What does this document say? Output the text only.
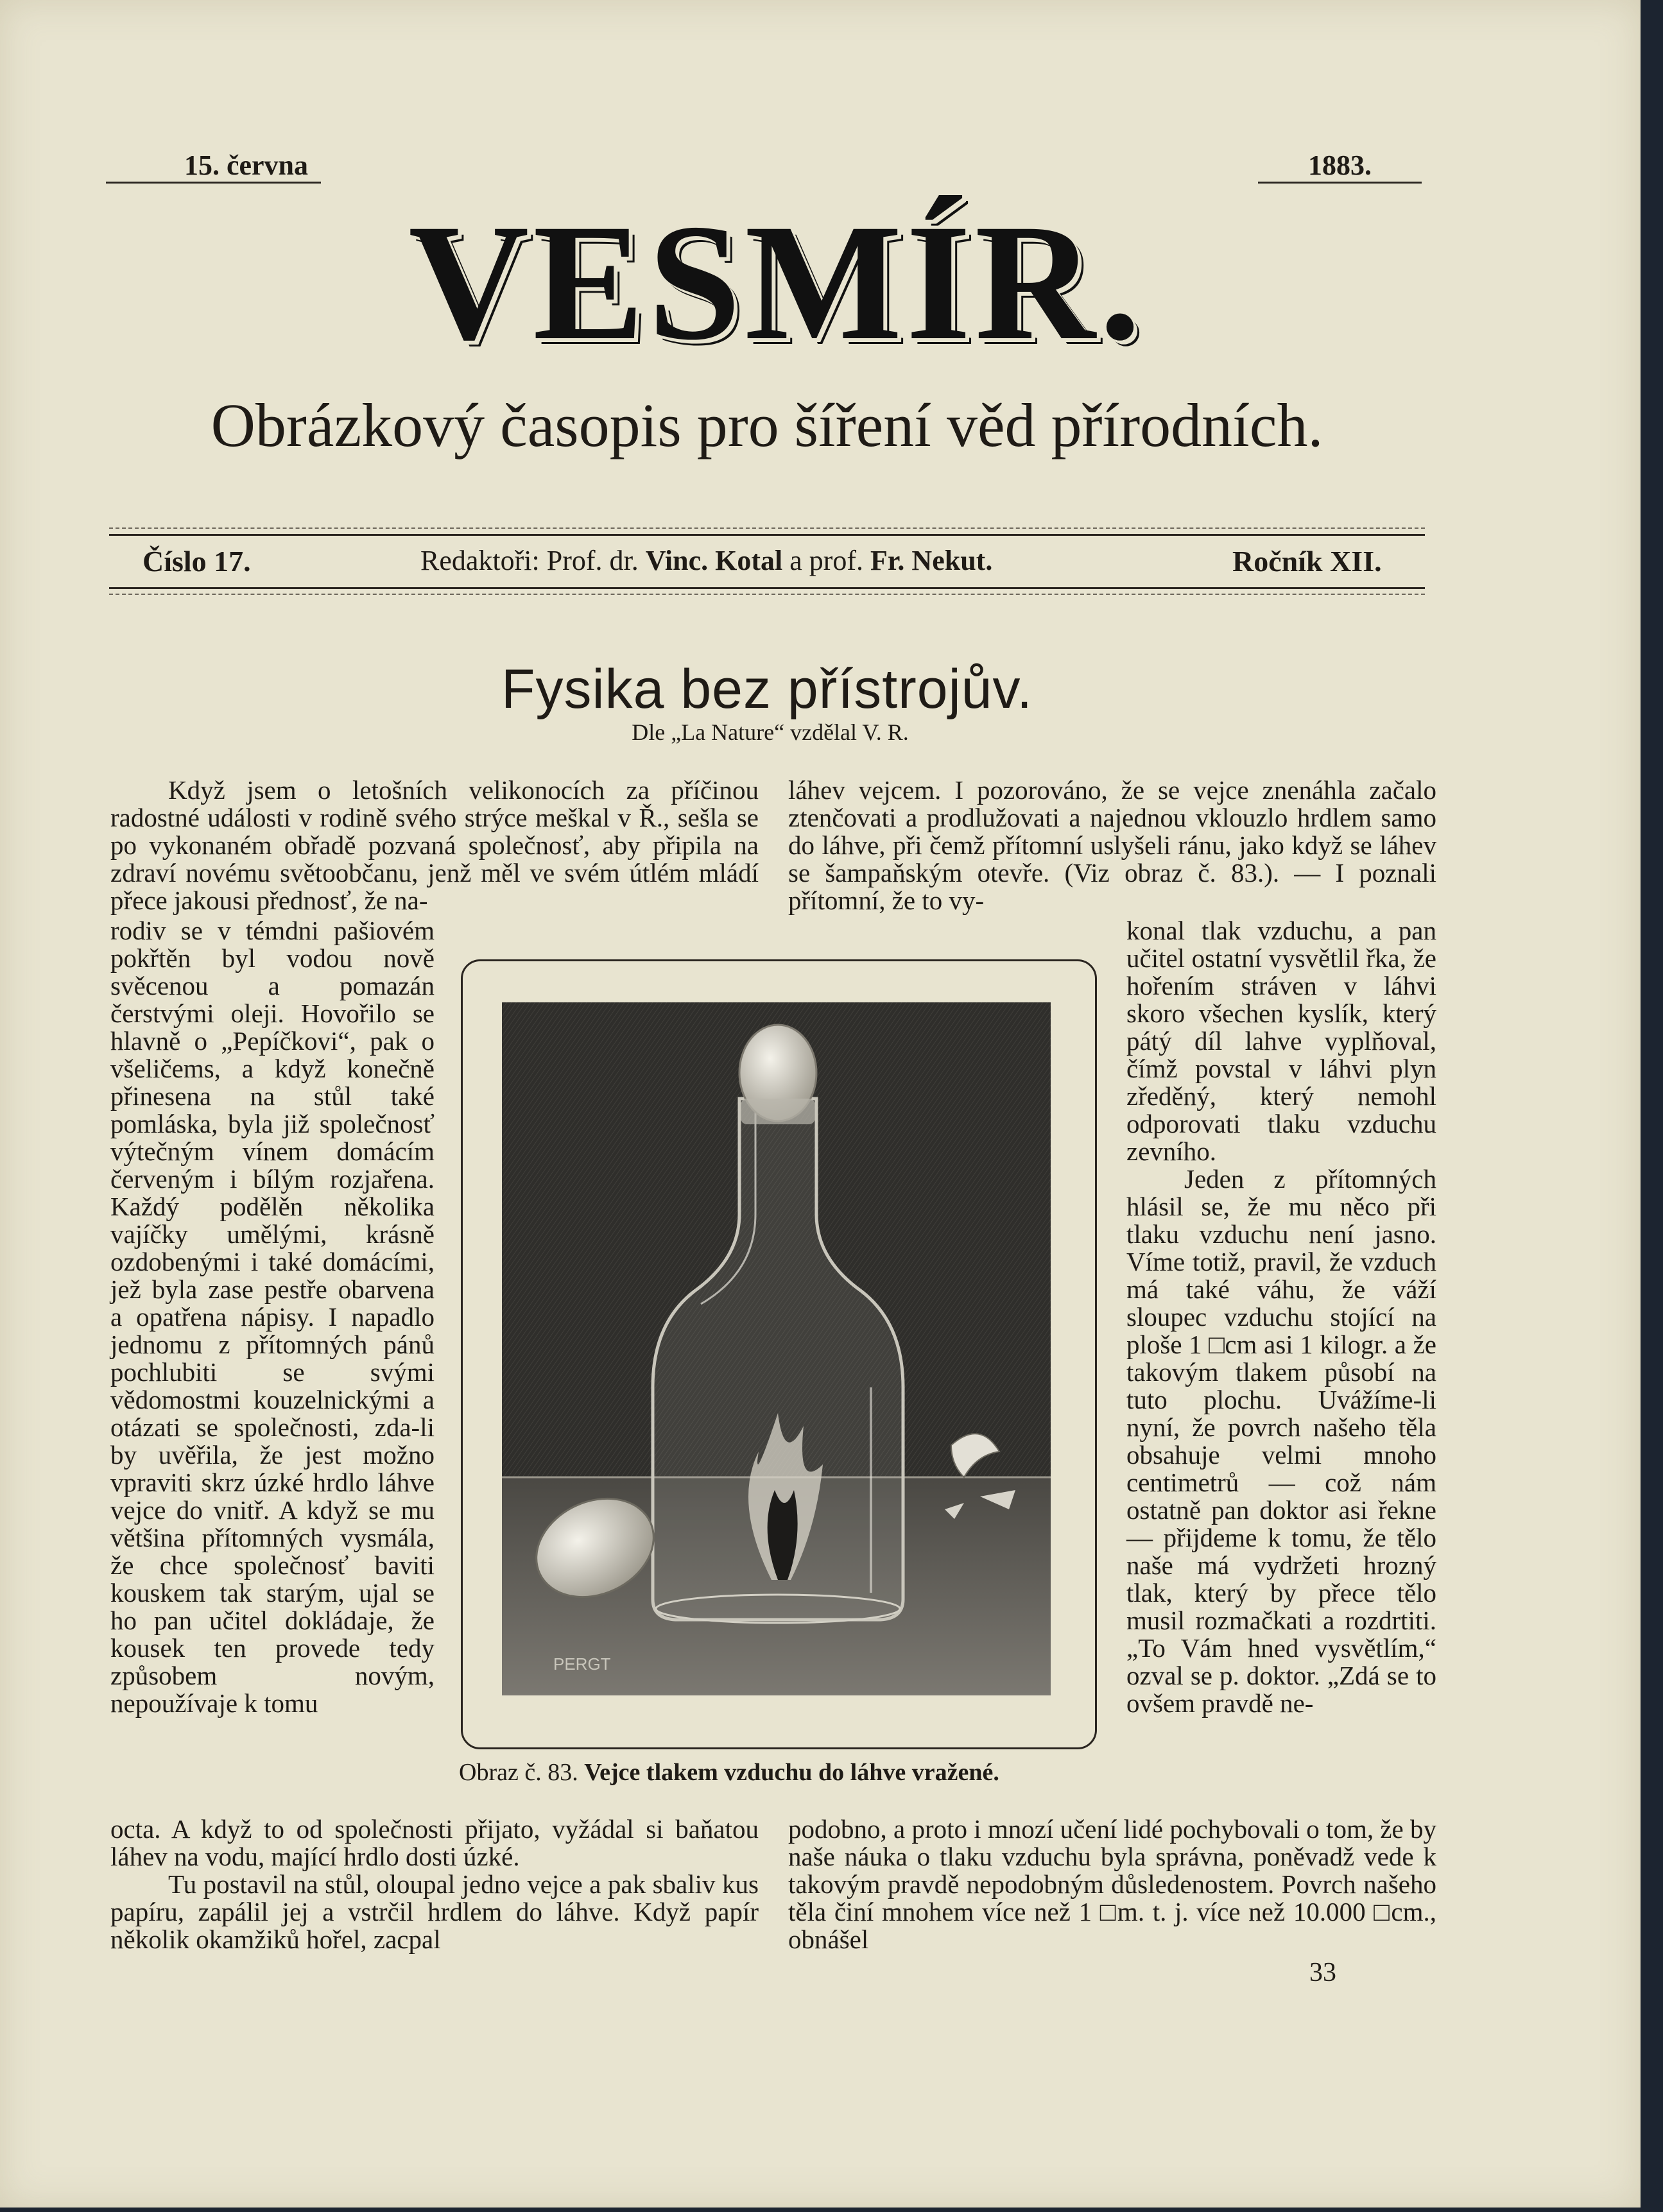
15. června	1883.
VESMÍR.
Obrázkový časopis pro šíření věd přírodních.
Číslo 17.	Redaktoři: Prof. dr. Vinc. Kotal a prof. Fr. Nekut.	Ročník XII.
Fysika bez přístrojův.
Dle „La Nature“ vzdělal V. R.

Když jsem o letošních velikonocích za příčinou radostné události v rodině svého strýce meškal v Ř., sešla se po vykonaném obřadě pozvaná společnosť, aby připila na zdraví novému světoobčanu, jenž měl ve svém útlém mládí přece jakousi přednosť, že na-

rodiv se v témdni pašiovém pokřtěn byl vodou nově svěcenou a pomazán čerstvými oleji. Hovořilo se hlavně o „Pepíčkovi“, pak o všeličems, a když konečně přinesena na stůl také pomláska, byla již společnosť výtečným vínem domácím červeným i bílým rozjařena. Každý podělěn několika vajíčky umělými, krásně ozdobenými i také domácími, jež byla zase pestře obarvena a opatřena nápisy. I napadlo jednomu z přítomných pánů pochlubiti se svými vědomostmi kouzelnickými a otázati se společnosti, zda-li by uvěřila, že jest možno vpraviti skrz úzké hrdlo láhve vejce do vnitř. A když se mu většina přítomných vysmála, že chce společnosť baviti kouskem tak starým, ujal se ho pan učitel dokládaje, že kousek ten provede tedy způsobem novým, nepoužívaje k tomu

octa. A když to od společnosti přijato, vyžádal si baňatou láhev na vodu, mající hrdlo dosti úzké.

Tu postavil na stůl, oloupal jedno vejce a pak sbaliv kus papíru, zapálil jej a vstrčil hrdlem do láhve. Když papír několik okamžiků hořel, zacpal

láhev vejcem. I pozorováno, že se vejce znenáhla začalo ztenčovati a prodlužovati a najednou vklouzlo hrdlem samo do láhve, při čemž přítomní uslyšeli ránu, jako když se láhev se šampaňským otevře. (Viz obraz č. 83.). — I poznali přítomní, že to vy-

konal tlak vzduchu, a pan učitel ostatní vysvětlil řka, že hořením stráven v láhvi skoro všechen kyslík, který pátý díl lahve vyplňoval, čímž povstal v láhvi plyn zředěný, který nemohl odporovati tlaku vzduchu zevního.

Jeden z přítomných hlásil se, že mu něco při tlaku vzduchu není jasno. Víme totiž, pravil, že vzduch má také váhu, že váží sloupec vzduchu stojící na ploše 1 □cm asi 1 kilogr. a že takovým tlakem působí na tuto plochu. Uvážíme-li nyní, že povrch našeho těla obsahuje velmi mnoho centimetrů — což nám ostatně pan doktor asi řekne — přijdeme k tomu, že tělo naše má vydržeti hrozný tlak, který by přece tělo musil rozmačkati a rozdrtiti. „To Vám hned vysvětlím,“ ozval se p. doktor. „Zdá se to ovšem pravdě ne-

podobno, a proto i mnozí učení lidé pochybovali o tom, že by naše náuka o tlaku vzduchu byla správna, poněvadž vede k takovým pravdě nepodobným důsledenostem. Povrch našeho těla činí mnohem více než 1 □m. t. j. více než 10.000 □cm., obnášel

PERGT
Obraz č. 83. Vejce tlakem vzduchu do láhve vražené.
33
